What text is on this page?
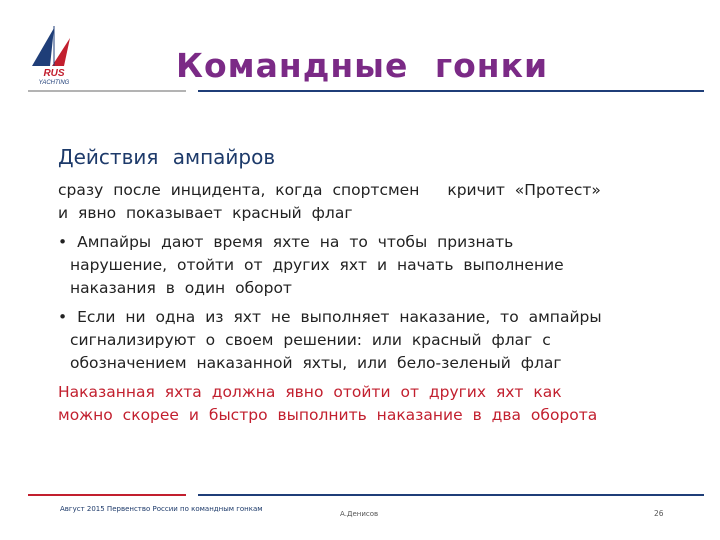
RUS
YACHTING	Командные гонки
Действия ампайров
сразу после инцидента, когда спортсмен кричит «Протест»
и явно показывает красный флаг
• Ампайры дают время яхте на то чтобы признать
нарушение, отойти от других яхт и начать выполнение
наказания в один оборот
• Если ни одна из яхт не выполняет наказание, то ампайры
сигнализируют о своем решении: или красный флаг с
обозначением наказанной яхты, или бело-зеленый флаг
Наказанная яхта должна явно отойти от других яхт как
можно скорее и быстро выполнить наказание в два оборота
Август 2015 Первенство России по командным гонкам
А.Денисов	26
